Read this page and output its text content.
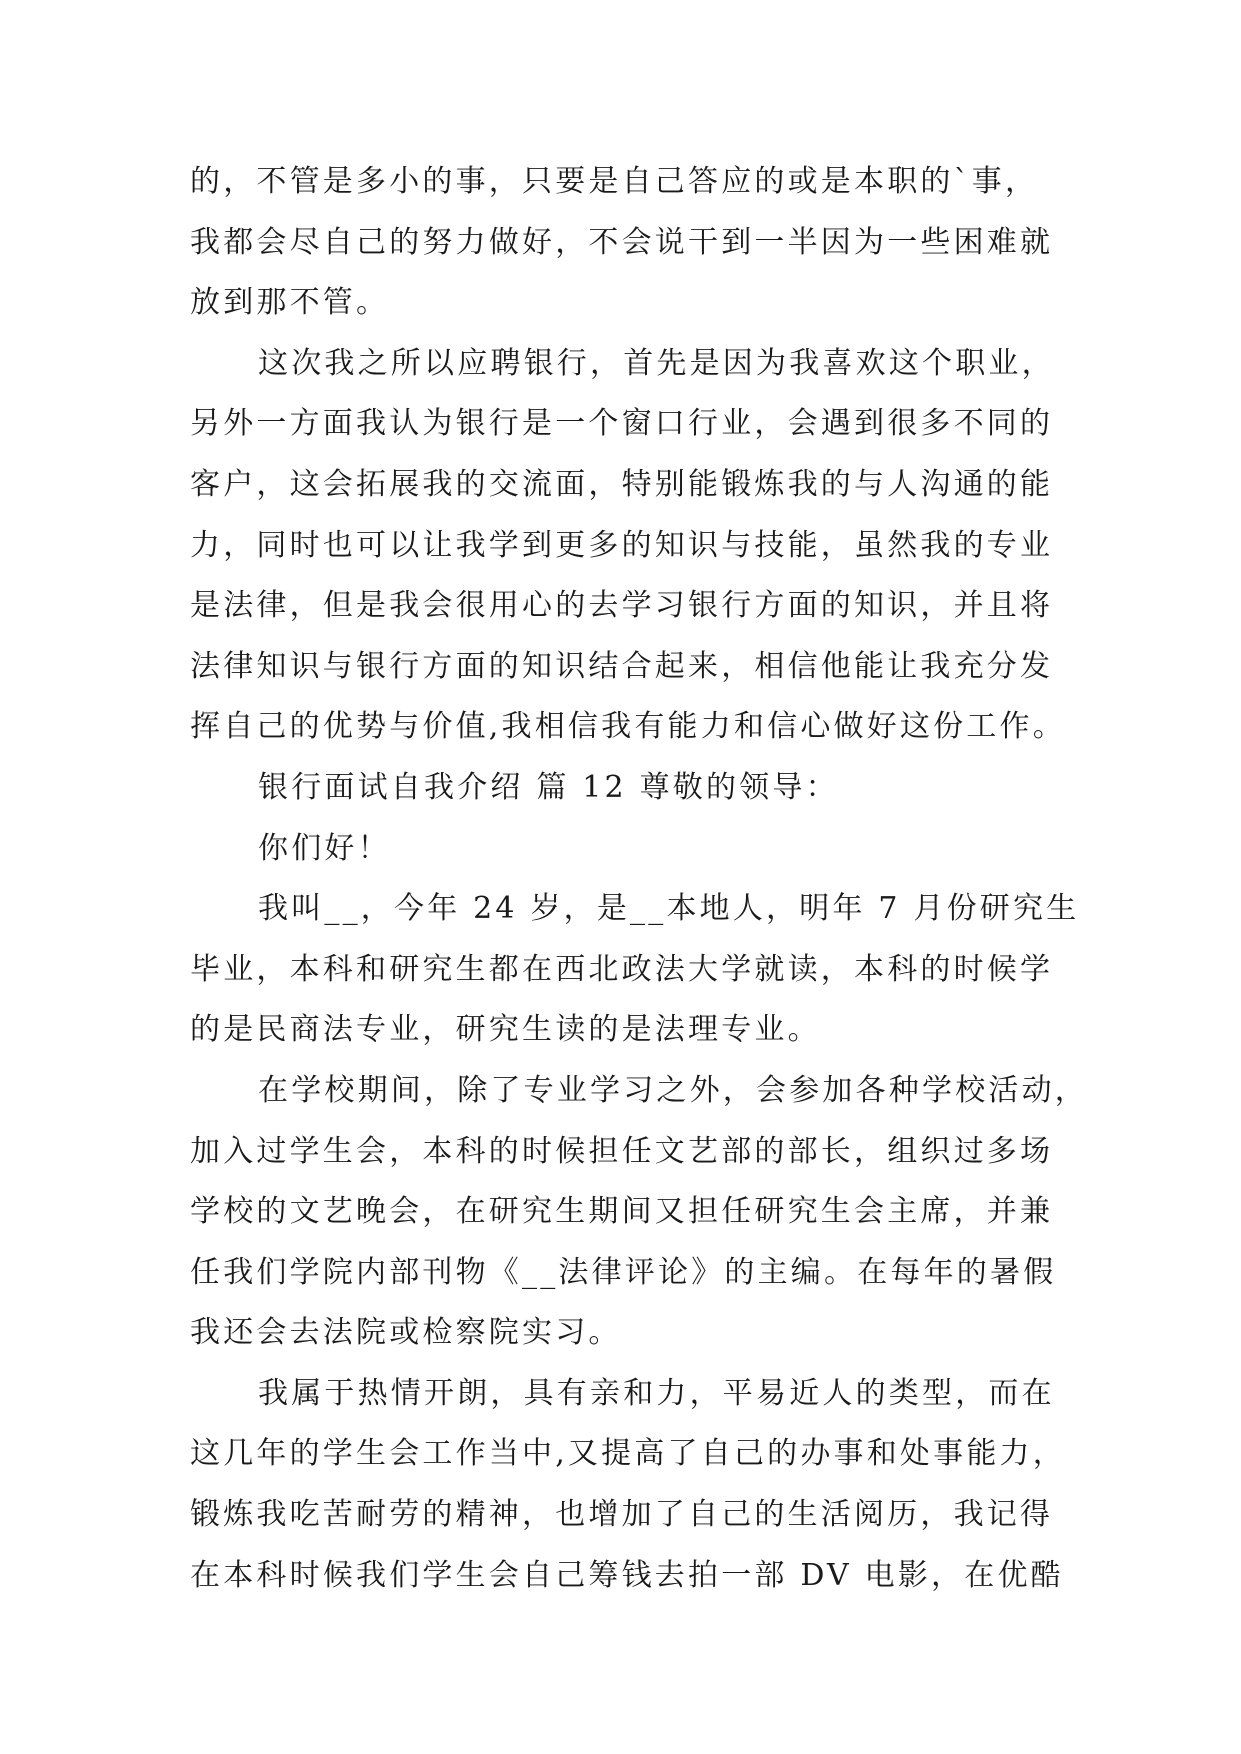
的，不管是多小的事，只要是自己答应的或是本职的`事，
我都会尽自己的努力做好，不会说干到一半因为一些困难就
放到那不管。
这次我之所以应聘银行，首先是因为我喜欢这个职业，
另外一方面我认为银行是一个窗口行业，会遇到很多不同的
客户，这会拓展我的交流面，特别能锻炼我的与人沟通的能
力，同时也可以让我学到更多的知识与技能，虽然我的专业
是法律，但是我会很用心的去学习银行方面的知识，并且将
法律知识与银行方面的知识结合起来，相信他能让我充分发
挥自己的优势与价值,我相信我有能力和信心做好这份工作。
银行面试自我介绍 篇 12 尊敬的领导：
你们好！
我叫__，今年 24 岁，是__本地人，明年 7 月份研究生
毕业，本科和研究生都在西北政法大学就读，本科的时候学
的是民商法专业，研究生读的是法理专业。
在学校期间，除了专业学习之外，会参加各种学校活动，
加入过学生会，本科的时候担任文艺部的部长，组织过多场
学校的文艺晚会，在研究生期间又担任研究生会主席，并兼
任我们学院内部刊物《__法律评论》的主编。在每年的暑假
我还会去法院或检察院实习。
我属于热情开朗，具有亲和力，平易近人的类型，而在
这几年的学生会工作当中,又提高了自己的办事和处事能力，
锻炼我吃苦耐劳的精神，也增加了自己的生活阅历，我记得
在本科时候我们学生会自己筹钱去拍一部 DV 电影，在优酷
